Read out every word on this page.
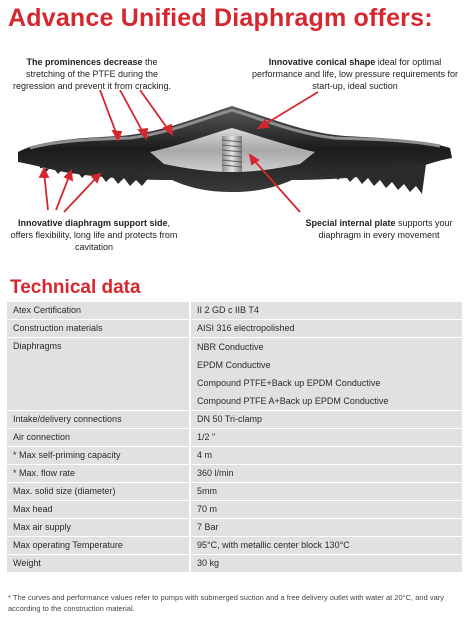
Advance Unified Diaphragm offers:
The prominences decrease the stretching of the PTFE during the regression and prevent it from cracking.
Innovative conical shape ideal for optimal performance and life, low pressure requirements for start-up, ideal suction
Innovative diaphragm support side, offers flexibility, long life and protects from cavitation
Special internal plate supports your diaphragm in every movement
Technical data
Atex Certification	II 2 GD c IIB T4

Construction materials	AISI 316 electropolished

Diaphragms	NBR Conductive
EPDM Conductive
Compound PTFE+Back up EPDM Conductive
Compound PTFE A+Back up EPDM Conductive

Intake/delivery connections	DN 50 Tri-clamp

Air connection	1/2 "

* Max self-priming capacity	4 m

* Max. flow rate	360 l/min

Max. solid size (diameter)	5mm

Max head	70 m

Max air supply	7 Bar

Max operating Temperature	95°C, with metallic center block 130°C

Weight	30 kg
* The curves and performance values refer to pumps with submerged suction and a free delivery outlet with water at 20°C, and vary according to the construction material.
